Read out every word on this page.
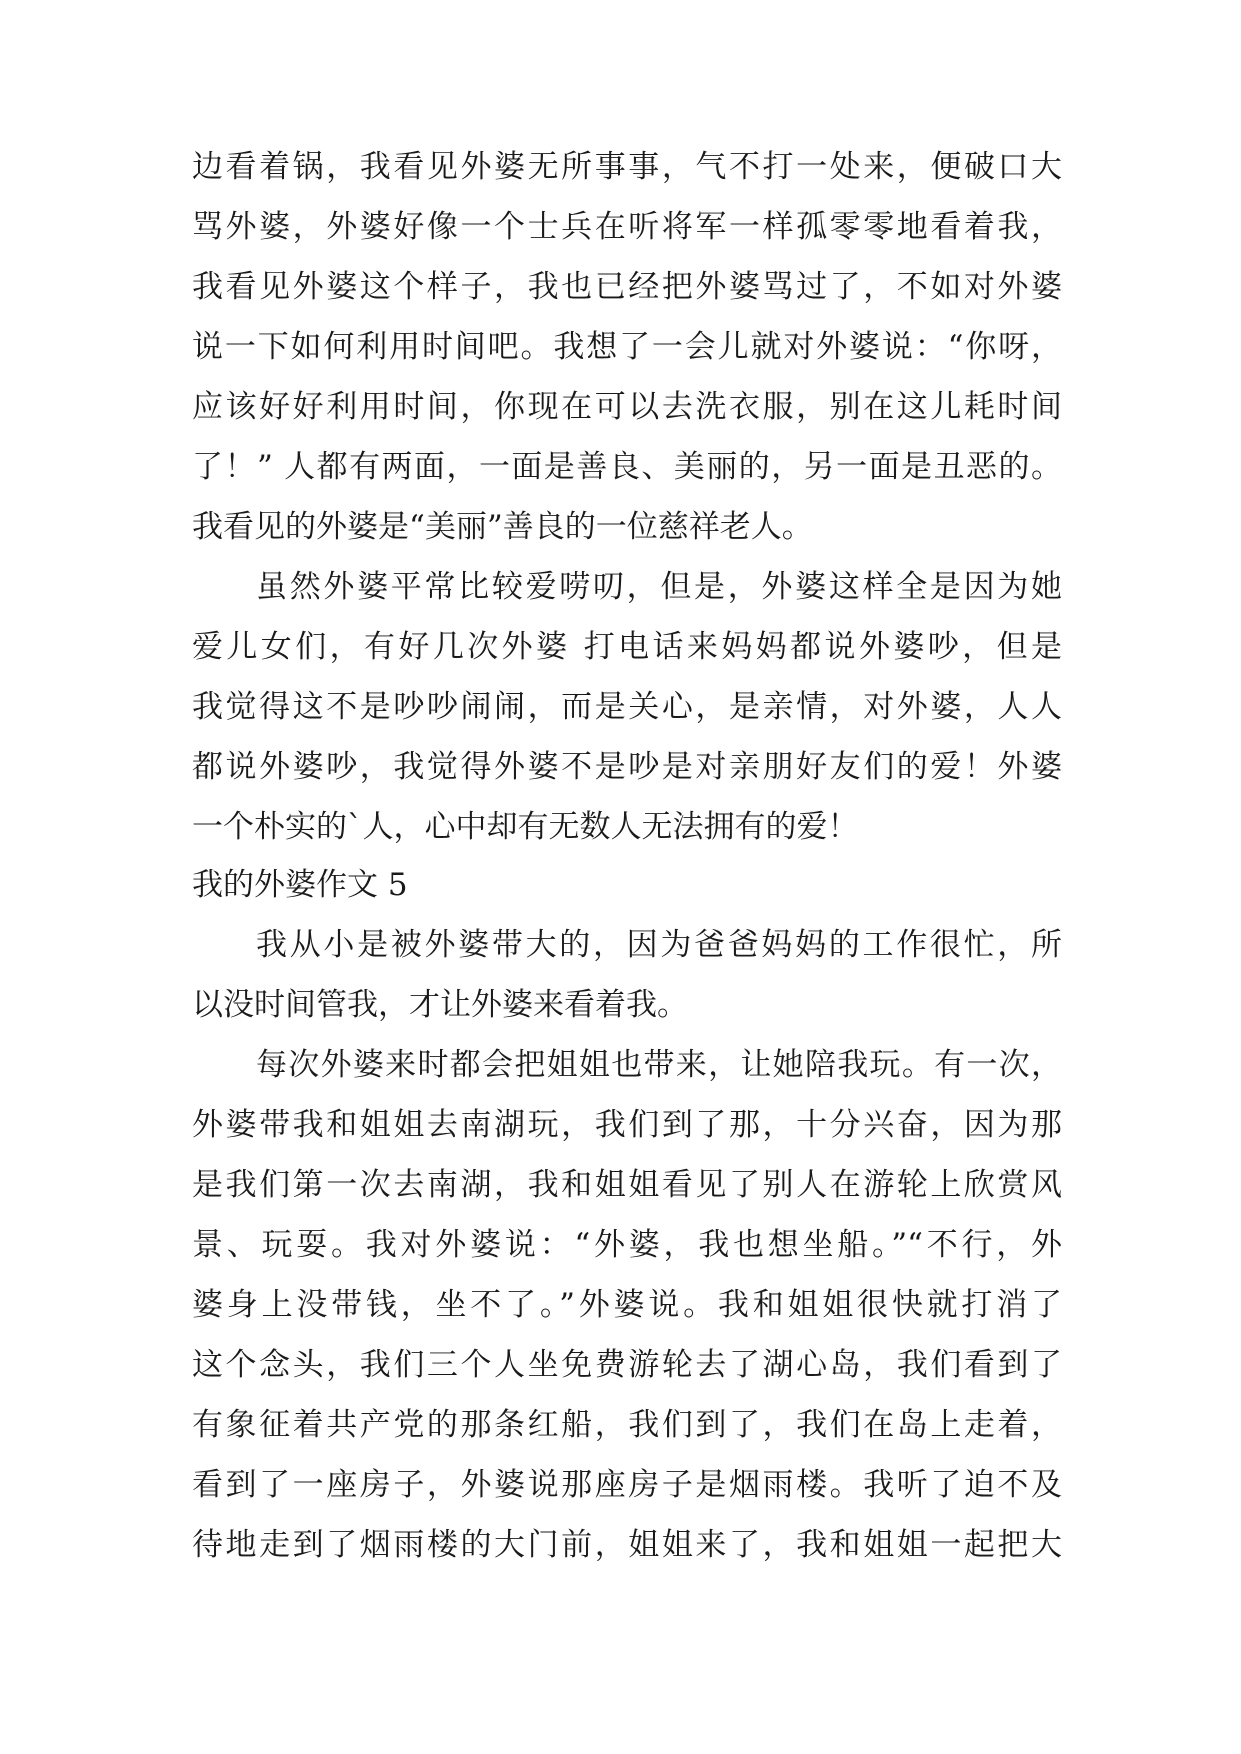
边看着锅，我看见外婆无所事事，气不打一处来，便破口大
骂外婆，外婆好像一个士兵在听将军一样孤零零地看着我，
我看见外婆这个样子，我也已经把外婆骂过了，不如对外婆
说一下如何利用时间吧。我想了一会儿就对外婆说：“你呀，
应该好好利用时间，你现在可以去洗衣服，别在这儿耗时间
了！” 人都有两面，一面是善良、美丽的，另一面是丑恶的。
我看见的外婆是“美丽”善良的一位慈祥老人。
虽然外婆平常比较爱唠叨，但是，外婆这样全是因为她
爱儿女们，有好几次外婆 打电话来妈妈都说外婆吵，但是
我觉得这不是吵吵闹闹，而是关心，是亲情，对外婆，人人
都说外婆吵，我觉得外婆不是吵是对亲朋好友们的爱！外婆
一个朴实的`人，心中却有无数人无法拥有的爱！
我的外婆作文 5
我从小是被外婆带大的，因为爸爸妈妈的工作很忙，所
以没时间管我，才让外婆来看着我。
每次外婆来时都会把姐姐也带来，让她陪我玩。有一次，
外婆带我和姐姐去南湖玩，我们到了那，十分兴奋，因为那
是我们第一次去南湖，我和姐姐看见了别人在游轮上欣赏风
景、玩耍。我对外婆说：“外婆，我也想坐船。”“不行，外
婆身上没带钱，坐不了。”外婆说。我和姐姐很快就打消了
这个念头，我们三个人坐免费游轮去了湖心岛，我们看到了
有象征着共产党的那条红船，我们到了，我们在岛上走着，
看到了一座房子，外婆说那座房子是烟雨楼。我听了迫不及
待地走到了烟雨楼的大门前，姐姐来了，我和姐姐一起把大
